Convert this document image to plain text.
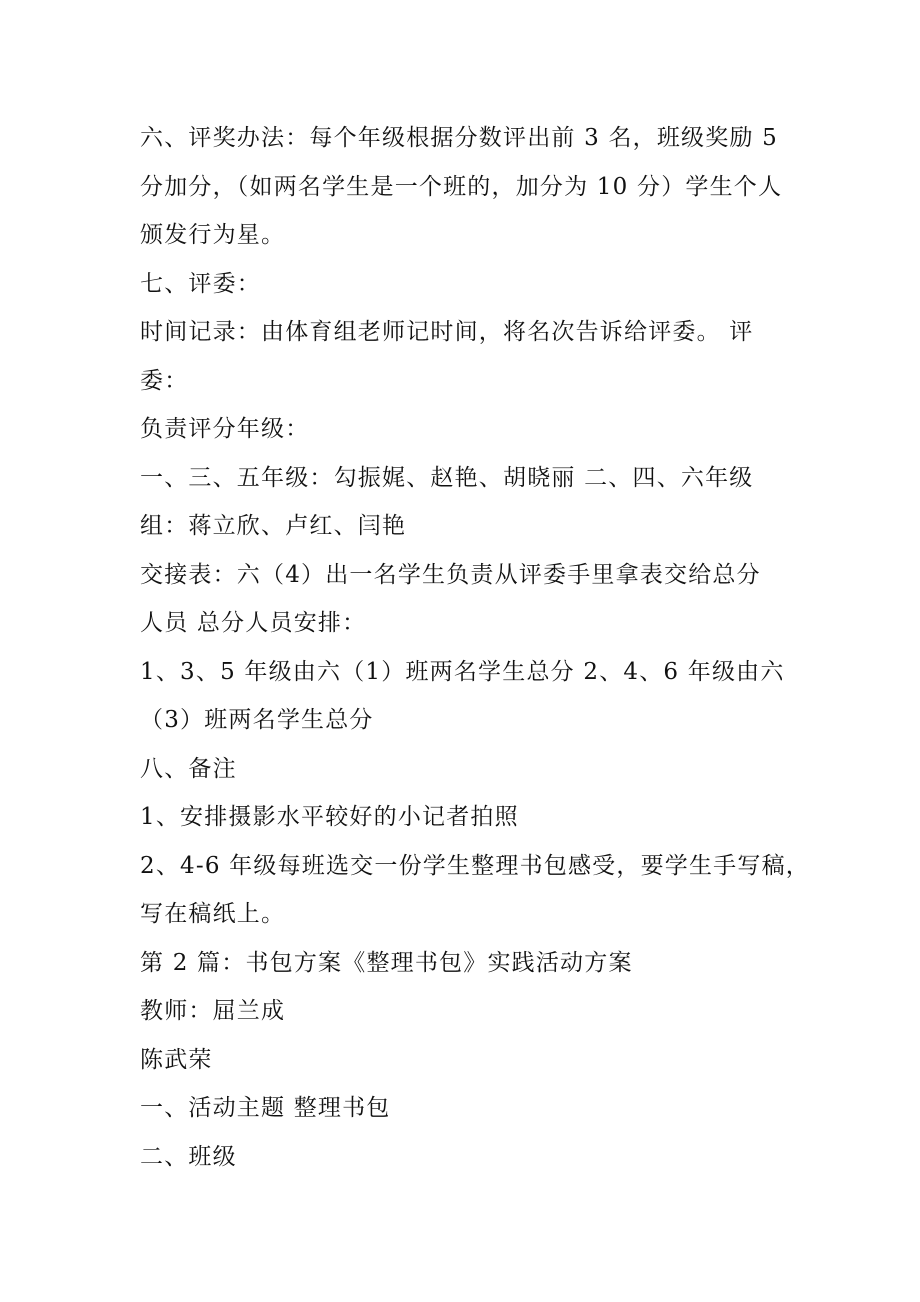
六、评奖办法：每个年级根据分数评出前 3 名，班级奖励 5
分加分，（如两名学生是一个班的，加分为 10 分）学生个人
颁发行为星。
七、评委：
时间记录：由体育组老师记时间，将名次告诉给评委。 评
委：
负责评分年级：
一、三、五年级：勾振娓、赵艳、胡晓丽 二、四、六年级
组：蒋立欣、卢红、闫艳
交接表：六（4）出一名学生负责从评委手里拿表交给总分
人员 总分人员安排：
1、3、5 年级由六（1）班两名学生总分 2、4、6 年级由六
（3）班两名学生总分
八、备注
1、安排摄影水平较好的小记者拍照
2、4-6 年级每班选交一份学生整理书包感受，要学生手写稿，
写在稿纸上。
第 2 篇：书包方案《整理书包》实践活动方案
教师：屈兰成
陈武荣
一、活动主题 整理书包
二、班级
